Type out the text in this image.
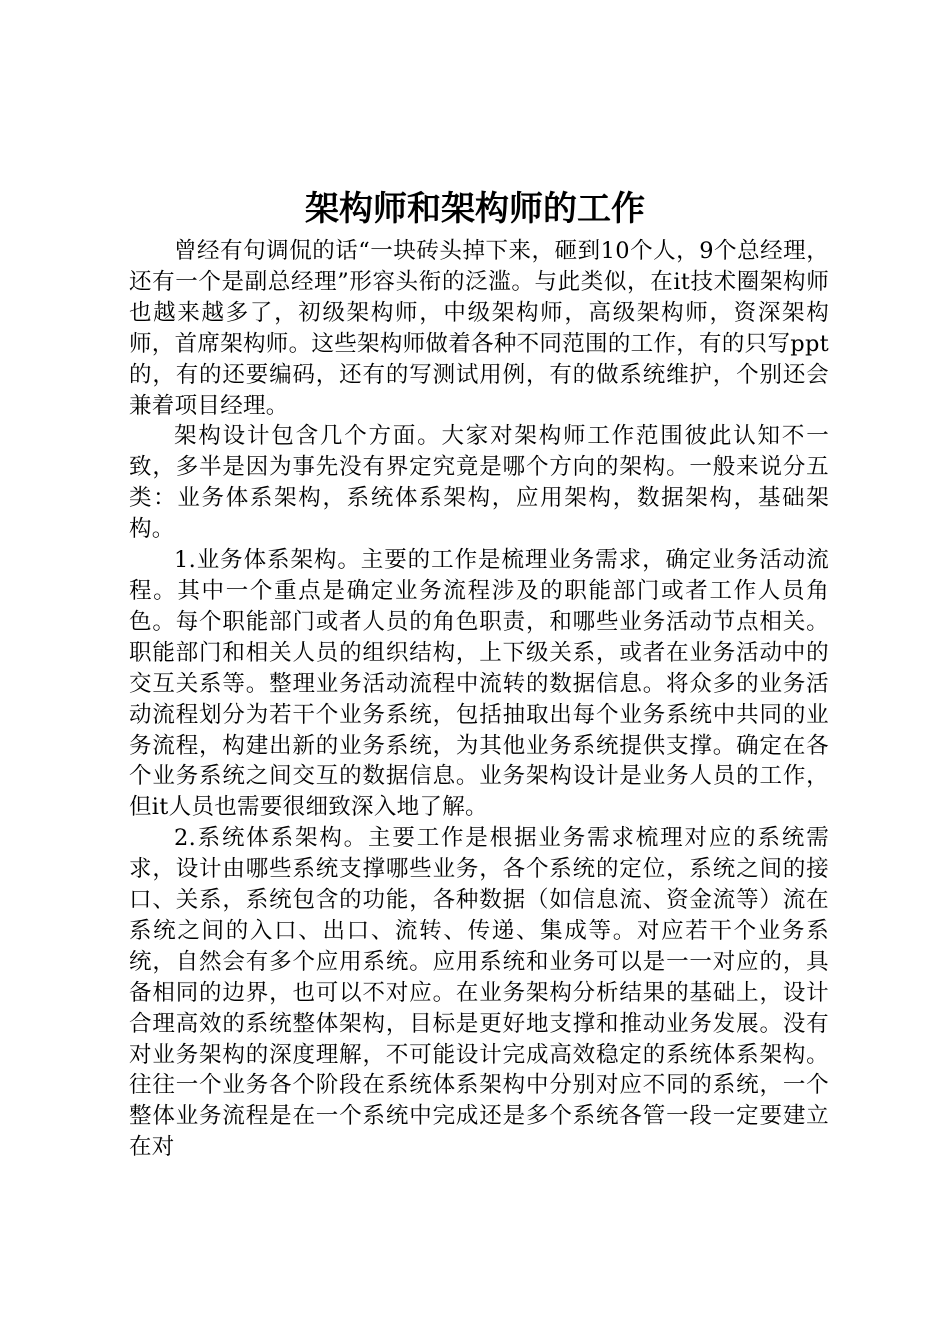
架构师和架构师的工作

曾经有句调侃的话“一块砖头掉下来，砸到10个人，9个总经理，还有一个是副总经理”形容头衔的泛滥。与此类似，在it技术圈架构师也越来越多了，初级架构师，中级架构师，高级架构师，资深架构师，首席架构师。这些架构师做着各种不同范围的工作，有的只写ppt的，有的还要编码，还有的写测试用例，有的做系统维护，个别还会兼着项目经理。

架构设计包含几个方面。大家对架构师工作范围彼此认知不一致，多半是因为事先没有界定究竟是哪个方向的架构。一般来说分五类：业务体系架构，系统体系架构，应用架构，数据架构，基础架构。

1.业务体系架构。主要的工作是梳理业务需求，确定业务活动流程。其中一个重点是确定业务流程涉及的职能部门或者工作人员角色。每个职能部门或者人员的角色职责，和哪些业务活动节点相关。职能部门和相关人员的组织结构，上下级关系，或者在业务活动中的交互关系等。整理业务活动流程中流转的数据信息。将众多的业务活动流程划分为若干个业务系统，包括抽取出每个业务系统中共同的业务流程，构建出新的业务系统，为其他业务系统提供支撑。确定在各个业务系统之间交互的数据信息。业务架构设计是业务人员的工作，但it人员也需要很细致深入地了解。

2.系统体系架构。主要工作是根据业务需求梳理对应的系统需求，设计由哪些系统支撑哪些业务，各个系统的定位，系统之间的接口、关系，系统包含的功能，各种数据（如信息流、资金流等）流在系统之间的入口、出口、流转、传递、集成等。对应若干个业务系统，自然会有多个应用系统。应用系统和业务可以是一一对应的，具备相同的边界，也可以不对应。在业务架构分析结果的基础上，设计合理高效的系统整体架构，目标是更好地支撑和推动业务发展。没有对业务架构的深度理解，不可能设计完成高效稳定的系统体系架构。往往一个业务各个阶段在系统体系架构中分别对应不同的系统，一个整体业务流程是在一个系统中完成还是多个系统各管一段一定要建立在对
